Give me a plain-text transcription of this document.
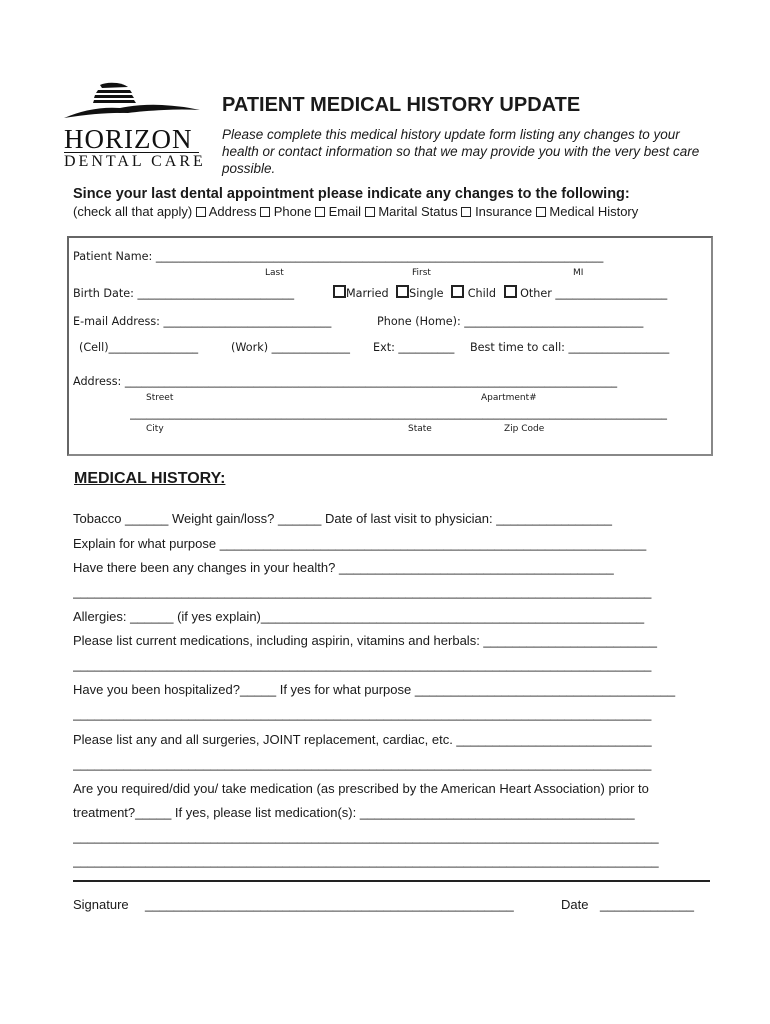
HORIZON
DENTAL CARE
PATIENT MEDICAL HISTORY UPDATE
Please complete this medical history update form listing any changes to your health or contact information so that we may provide you with the very best care possible.
Since your last dental appointment please indicate any changes to the following:
(check all that apply) Address Phone Email Marital Status Insurance Medical History
Patient Name: ________________________________________________________________________________
Last	First	MI
Birth Date: ____________________________	Married Single Child Other ____________________
E-mail Address: ______________________________	Phone (Home): ________________________________
(Cell)________________	(Work) ______________ Ext: __________ Best time to call: __________________
Address: ________________________________________________________________________________________
Street	Apartment#
________________________________________________________________________________________________
City	State	Zip Code
MEDICAL HISTORY:
Tobacco ______ Weight gain/loss? ______ Date of last visit to physician: ________________
Explain for what purpose ___________________________________________________________
Have there been any changes in your health? ______________________________________
________________________________________________________________________________
Allergies: ______ (if yes explain)_____________________________________________________
Please list current medications, including aspirin, vitamins and herbals: ________________________
________________________________________________________________________________
Have you been hospitalized?_____ If yes for what purpose ____________________________________
________________________________________________________________________________
Please list any and all surgeries, JOINT replacement, cardiac, etc. ___________________________
________________________________________________________________________________
Are you required/did you/ take medication (as prescribed by the American Heart Association) prior to
treatment?_____ If yes, please list medication(s): ______________________________________
_________________________________________________________________________________
_________________________________________________________________________________
Signature ___________________________________________________	Date _____________
